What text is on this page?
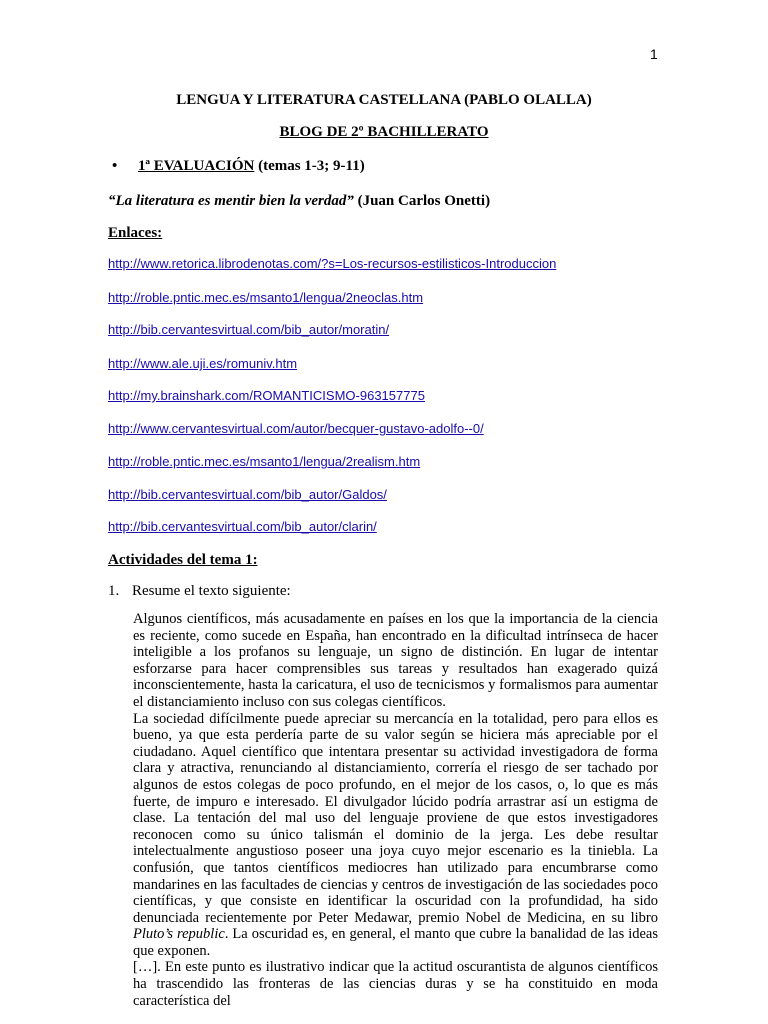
1
LENGUA Y LITERATURA CASTELLANA (PABLO OLALLA)
BLOG DE 2º BACHILLERATO
• 1ª EVALUACIÓN (temas 1-3; 9-11)
“La literatura es mentir bien la verdad” (Juan Carlos Onetti)
Enlaces:
http://www.retorica.librodenotas.com/?s=Los-recursos-estilisticos-Introduccion
http://roble.pntic.mec.es/msanto1/lengua/2neoclas.htm
http://bib.cervantesvirtual.com/bib_autor/moratin/
http://www.ale.uji.es/romuniv.htm
http://my.brainshark.com/ROMANTICISMO-963157775
http://www.cervantesvirtual.com/autor/becquer-gustavo-adolfo--0/
http://roble.pntic.mec.es/msanto1/lengua/2realism.htm
http://bib.cervantesvirtual.com/bib_autor/Galdos/
http://bib.cervantesvirtual.com/bib_autor/clarin/
Actividades del tema 1:
1. Resume el texto siguiente:

Algunos científicos, más acusadamente en países en los que la importancia de la ciencia es reciente, como sucede en España, han encontrado en la dificultad intrínseca de hacer inteligible a los profanos su lenguaje, un signo de distinción. En lugar de intentar esforzarse para hacer comprensibles sus tareas y resultados han exagerado quizá inconscientemente, hasta la caricatura, el uso de tecnicismos y formalismos para aumentar el distanciamiento incluso con sus colegas científicos.

La sociedad difícilmente puede apreciar su mercancía en la totalidad, pero para ellos es bueno, ya que esta perdería parte de su valor según se hiciera más apreciable por el ciudadano. Aquel científico que intentara presentar su actividad investigadora de forma clara y atractiva, renunciando al distanciamiento, correría el riesgo de ser tachado por algunos de estos colegas de poco profundo, en el mejor de los casos, o, lo que es más fuerte, de impuro e interesado. El divulgador lúcido podría arrastrar así un estigma de clase. La tentación del mal uso del lenguaje proviene de que estos investigadores reconocen como su único talismán el dominio de la jerga. Les debe resultar intelectualmente angustioso poseer una joya cuyo mejor escenario es la tiniebla. La confusión, que tantos científicos mediocres han utilizado para encumbrarse como mandarines en las facultades de ciencias y centros de investigación de las sociedades poco científicas, y que consiste en identificar la oscuridad con la profundidad, ha sido denunciada recientemente por Peter Medawar, premio Nobel de Medicina, en su libro Pluto’s republic. La oscuridad es, en general, el manto que cubre la banalidad de las ideas que exponen.

[…]. En este punto es ilustrativo indicar que la actitud oscurantista de algunos científicos ha trascendido las fronteras de las ciencias duras y se ha constituido en moda característica del
